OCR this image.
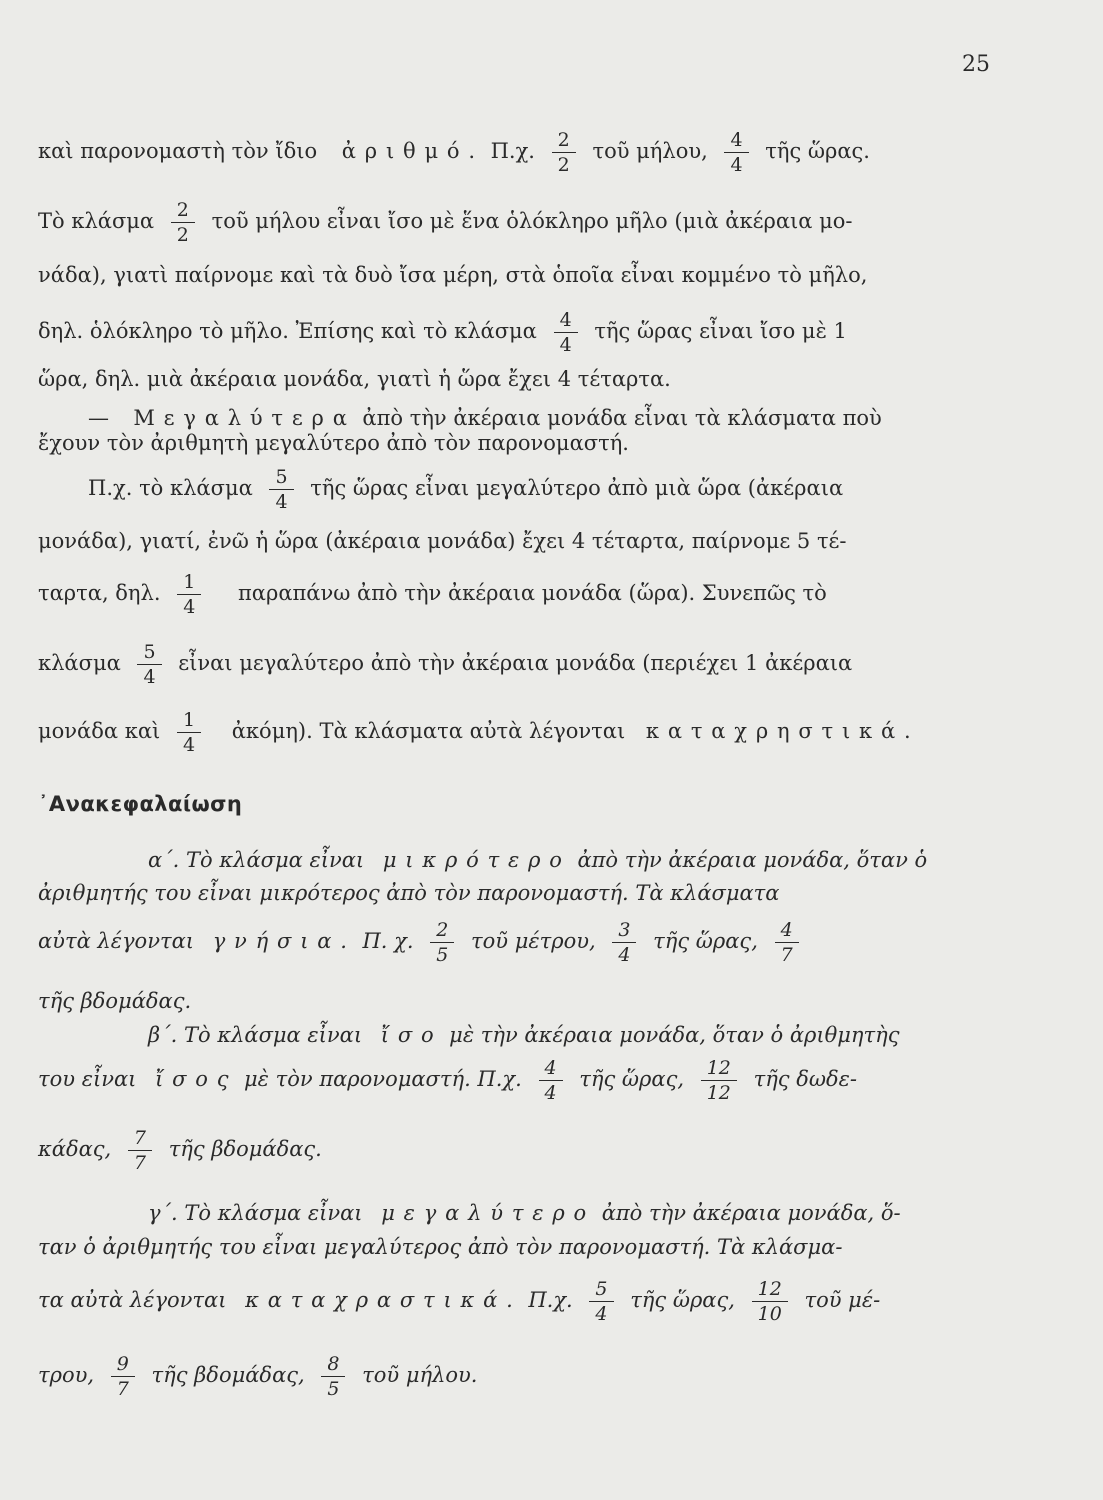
25
καὶ παρονομαστὴ τὸν ἴδιο ἀριθμό. Π.χ. $\frac{2}{2}$ τοῦ μήλου, $\frac{4}{4}$ τῆς ὥρας.
Τὸ κλάσμα $\frac{2}{2}$ τοῦ μήλου εἶναι ἴσο μὲ ἕνα ὁλόκληρο μῆλο (μιὰ ἀκέραια μο-
νάδα), γιατὶ παίρνομε καὶ τὰ δυὸ ἴσα μέρη, στὰ ὁποῖα εἶναι κομμένο τὸ μῆλο,
δηλ. ὁλόκληρο τὸ μῆλο. Ἐπίσης καὶ τὸ κλάσμα $\frac{4}{4}$ τῆς ὥρας εἶναι ἴσο μὲ 1
ὥρα, δηλ. μιὰ ἀκέραια μονάδα, γιατὶ ἡ ὥρα ἔχει 4 τέταρτα.
— Μεγαλύτερα ἀπὸ τὴν ἀκέραια μονάδα εἶναι τὰ κλάσματα ποὺ
ἔχουν τὸν ἀριθμητὴ μεγαλύτερο ἀπὸ τὸν παρονομαστή.
Π.χ. τὸ κλάσμα $\frac{5}{4}$ τῆς ὥρας εἶναι μεγαλύτερο ἀπὸ μιὰ ὥρα (ἀκέραια
μονάδα), γιατί, ἐνῶ ἡ ὥρα (ἀκέραια μονάδα) ἔχει 4 τέταρτα, παίρνομε 5 τέ-
ταρτα, δηλ. $\frac{1}{4}$ παραπάνω ἀπὸ τὴν ἀκέραια μονάδα (ὥρα). Συνεπῶς τὸ
κλάσμα $\frac{5}{4}$ εἶναι μεγαλύτερο ἀπὸ τὴν ἀκέραια μονάδα (περιέχει 1 ἀκέραια
μονάδα καὶ $\frac{1}{4}$ ἀκόμη). Τὰ κλάσματα αὐτὰ λέγονται καταχρηστικά.
᾿Ανακεφαλαίωση
α΄. Τὸ κλάσμα εἶναι μικρότερο ἀπὸ τὴν ἀκέραια μονάδα, ὅταν ὁ
ἀριθμητής του εἶναι μικρότερος ἀπὸ τὸν παρονομαστή. Τὰ κλάσματα
αὐτὰ λέγονται γνήσια. Π. χ. $\frac{2}{5}$ τοῦ μέτρου, $\frac{3}{4}$ τῆς ὥρας, $\frac{4}{7}$
τῆς βδομάδας.
β΄. Τὸ κλάσμα εἶναι ἴσο μὲ τὴν ἀκέραια μονάδα, ὅταν ὁ ἀριθμητὴς
του εἶναι ἴσος μὲ τὸν παρονομαστή. Π.χ. $\frac{4}{4}$ τῆς ὥρας, $\frac{12}{12}$ τῆς δωδε-
κάδας, $\frac{7}{7}$ τῆς βδομάδας.
γ΄. Τὸ κλάσμα εἶναι μεγαλύτερο ἀπὸ τὴν ἀκέραια μονάδα, ὅ-
ταν ὁ ἀριθμητής του εἶναι μεγαλύτερος ἀπὸ τὸν παρονομαστή. Τὰ κλάσμα-
τα αὐτὰ λέγονται καταχραστικά. Π.χ. $\frac{5}{4}$ τῆς ὥρας, $\frac{12}{10}$ τοῦ μέ-
τρου, $\frac{9}{7}$ τῆς βδομάδας, $\frac{8}{5}$ τοῦ μήλου.
